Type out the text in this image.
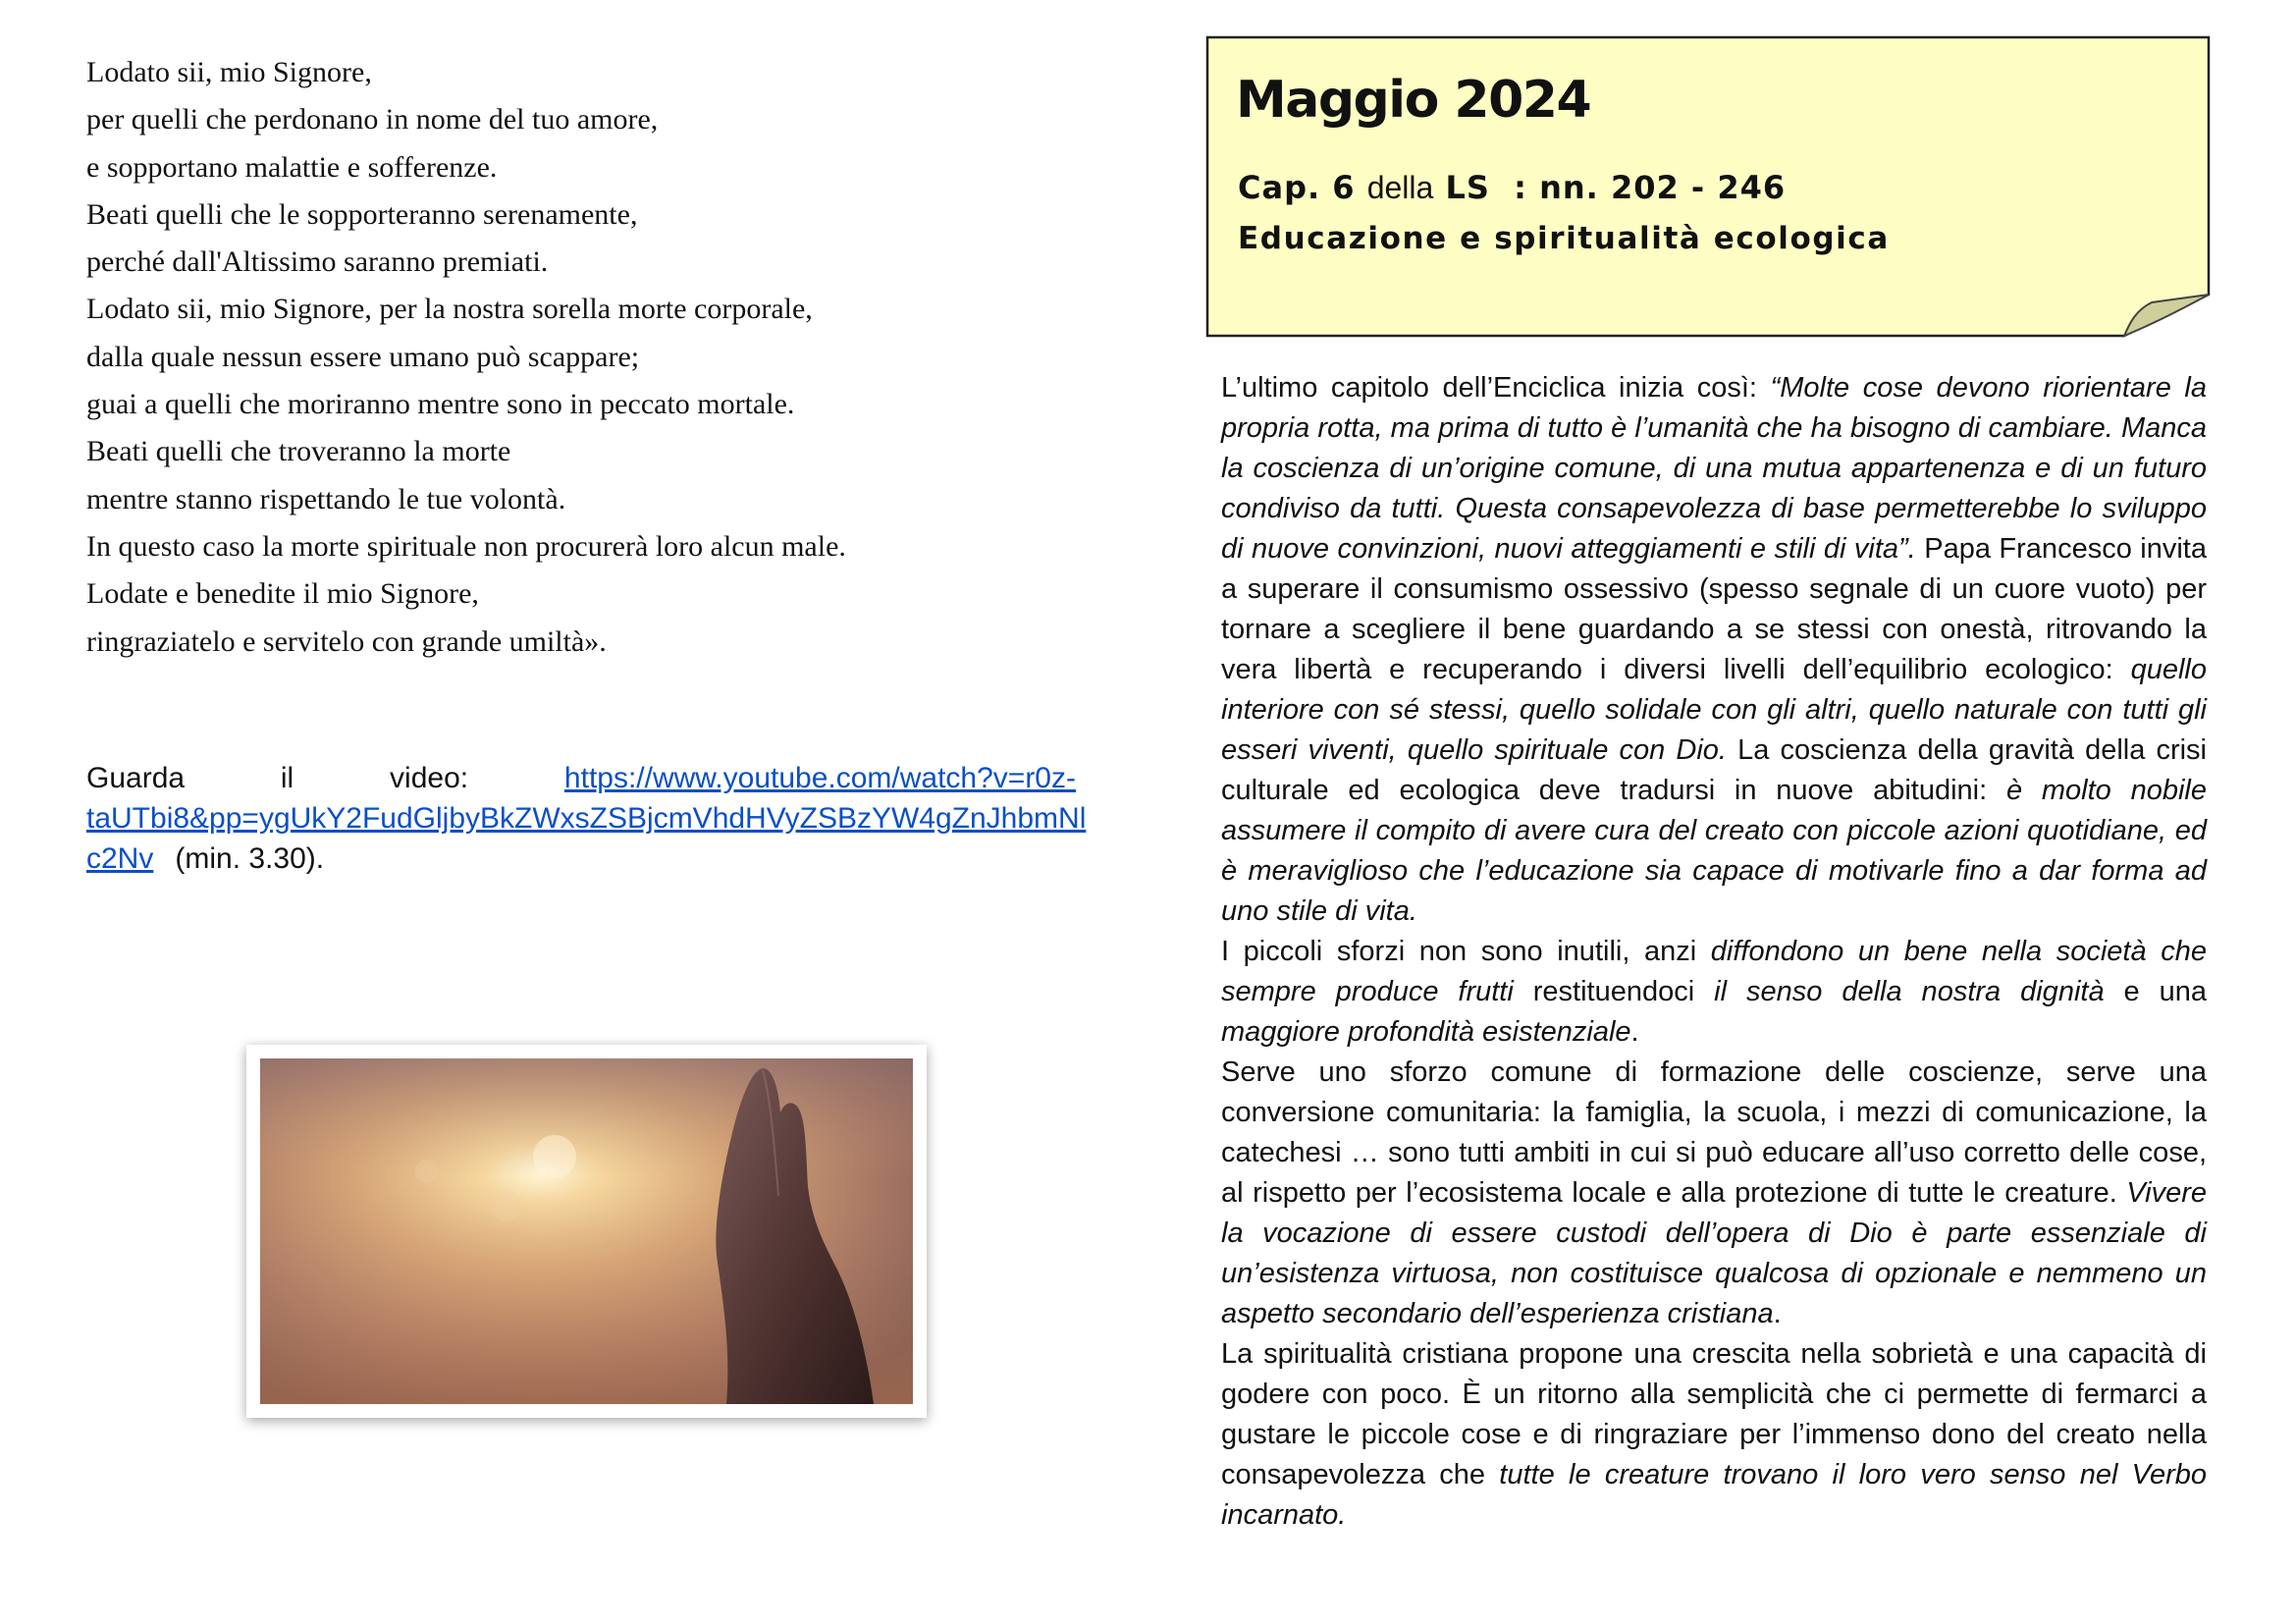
Lodato sii, mio Signore,
per quelli che perdonano in nome del tuo amore,
e sopportano malattie e sofferenze.
Beati quelli che le sopporteranno serenamente,
perché dall'Altissimo saranno premiati.
Lodato sii, mio Signore, per la nostra sorella morte corporale,
dalla quale nessun essere umano può scappare;
guai a quelli che moriranno mentre sono in peccato mortale.
Beati quelli che troveranno la morte
mentre stanno rispettando le tue volontà.
In questo caso la morte spirituale non procurerà loro alcun male.
Lodate e benedite il mio Signore,
ringraziatelo e servitelo con grande umiltà».
Guarda	il	video:	https://www.youtube.com/watch?v=r0z-
taUTbi8&pp=ygUkY2FudGljbyBkZWxsZSBjcmVhdHVyZSBzYW4gZnJhbmNl
c2Nv (min. 3.30).
Maggio 2024
Cap. 6 della LS : nn. 202 - 246
Educazione e spiritualità ecologica

L’ultimo capitolo dell’Enciclica inizia così: “Molte cose devono riorientare la propria rotta, ma prima di tutto è l’umanità che ha bisogno di cambiare. Manca la coscienza di un’origine comune, di una mutua appartenenza e di un futuro condiviso da tutti. Questa consapevolezza di base permetterebbe lo sviluppo di nuove convinzioni, nuovi atteggiamenti e stili di vita”. Papa Francesco invita a superare il consumismo ossessivo (spesso segnale di un cuore vuoto) per tornare a scegliere il bene guardando a se stessi con onestà, ritrovando la vera libertà e recuperando i diversi livelli dell’equilibrio ecologico: quello interiore con sé stessi, quello solidale con gli altri, quello naturale con tutti gli esseri viventi, quello spirituale con Dio. La coscienza della gravità della crisi culturale ed ecologica deve tradursi in nuove abitudini: è molto nobile assumere il compito di avere cura del creato con piccole azioni quotidiane, ed è meraviglioso che l’educazione sia capace di motivarle fino a dar forma ad uno stile di vita.

I piccoli sforzi non sono inutili, anzi diffondono un bene nella società che sempre produce frutti restituendoci il senso della nostra dignità e una maggiore profondità esistenziale.

Serve uno sforzo comune di formazione delle coscienze, serve una conversione comunitaria: la famiglia, la scuola, i mezzi di comunicazione, la catechesi … sono tutti ambiti in cui si può educare all’uso corretto delle cose, al rispetto per l’ecosistema locale e alla protezione di tutte le creature. Vivere la vocazione di essere custodi dell’opera di Dio è parte essenziale di un’esistenza virtuosa, non costituisce qualcosa di opzionale e nemmeno un aspetto secondario dell’esperienza cristiana.

La spiritualità cristiana propone una crescita nella sobrietà e una capacità di godere con poco. È un ritorno alla semplicità che ci permette di fermarci a gustare le piccole cose e di ringraziare per l’immenso dono del creato nella consapevolezza che tutte le creature trovano il loro vero senso nel Verbo incarnato.
